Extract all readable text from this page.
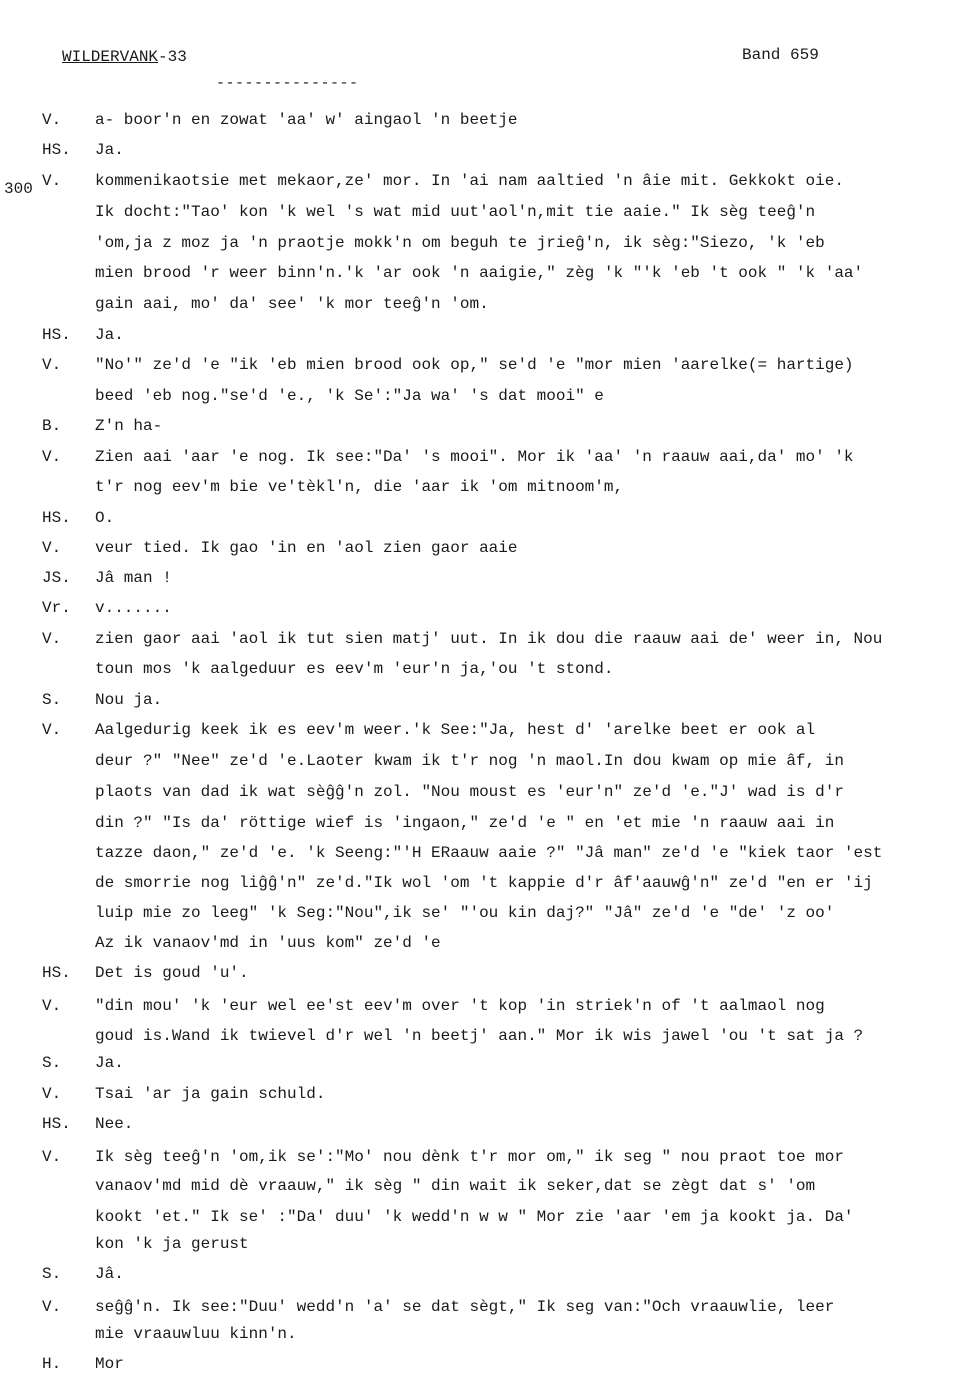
WILDERVANK-33
---------------
Band 659
300
V. a- boor'n en zowat 'aa' w' aingaol 'n beetje
HS. Ja.
V. kommenikaotsie met mekaor,ze' mor. In 'ai nam aaltied 'n âie mit. Gekkokt oie.
Ik docht:"Tao' kon 'k wel 's wat mid uut'aol'n,mit tie aaie." Ik sèg teeĝ'n
'om,ja z moz ja 'n praotje mokk'n om beguh te jrieĝ'n, ik sèg:"Siezo, 'k 'eb
mien brood 'r weer binn'n.'k 'ar ook 'n aaigie," zèg 'k "'k 'eb 't ook " 'k 'aa'
gain aai, mo' da' see' 'k mor teeĝ'n 'om.
HS. Ja.
V. "No'" ze'd 'e "ik 'eb mien brood ook op," se'd 'e "mor mien 'aarelke(= hartige)
beed 'eb nog."se'd 'e., 'k Se':"Ja wa' 's dat mooi" e
B. Z'n ha-
V. Zien aai 'aar 'e nog. Ik see:"Da' 's mooi". Mor ik 'aa' 'n raauw aai,da' mo' 'k
t'r nog eev'm bie ve'tèkl'n, die 'aar ik 'om mitnoom'm,
HS. O.
V. veur tied. Ik gao 'in en 'aol zien gaor aaie
JS. Jâ man !
Vr. v.......
V. zien gaor aai 'aol ik tut sien matj' uut. In ik dou die raauw aai de' weer in, Nou
toun mos 'k aalgeduur es eev'm 'eur'n ja,'ou 't stond.
S. Nou ja.
V. Aalgedurig keek ik es eev'm weer.'k See:"Ja, hest d' 'arelke beet er ook al
deur ?" "Nee" ze'd 'e.Laoter kwam ik t'r nog 'n maol.In dou kwam op mie âf, in
plaots van dad ik wat sèĝĝ'n zol. "Nou moust es 'eur'n" ze'd 'e."J' wad is d'r
din ?" "Is da' röttige wief is 'ingaon," ze'd 'e " en 'et mie 'n raauw aai in
tazze daon," ze'd 'e. 'k Seeng:"'H ERaauw aaie ?" "Jâ man" ze'd 'e "kiek taor 'est
de smorrie nog liĝĝ'n" ze'd."Ik wol 'om 't kappie d'r âf'aauwĝ'n" ze'd "en er 'ij
luip mie zo leeg" 'k Seg:"Nou",ik se' "'ou kin daj?" "Jâ" ze'd 'e "de' 'z oo'
Az ik vanaov'md in 'uus kom" ze'd 'e
HS. Det is goud 'u'.
V. "din mou' 'k 'eur wel ee'st eev'm over 't kop 'in striek'n of 't aalmaol nog
goud is.Wand ik twievel d'r wel 'n beetj' aan." Mor ik wis jawel 'ou 't sat ja ?
S. Ja.
V. Tsai 'ar ja gain schuld.
HS. Nee.
V. Ik sèg teeĝ'n 'om,ik se':"Mo' nou dènk t'r mor om," ik seg " nou praot toe mor
vanaov'md mid dè vraauw," ik sèg " din wait ik seker,dat se zègt dat s' 'om
kookt 'et." Ik se' :"Da' duu' 'k wedd'n w w " Mor zie 'aar 'em ja kookt ja. Da'
kon 'k ja gerust
S. Jâ.
V. seĝĝ'n. Ik see:"Duu' wedd'n 'a' se dat sègt," Ik seg van:"Och vraauwlie, leer
mie vraauwluu kinn'n.
H. Mor
